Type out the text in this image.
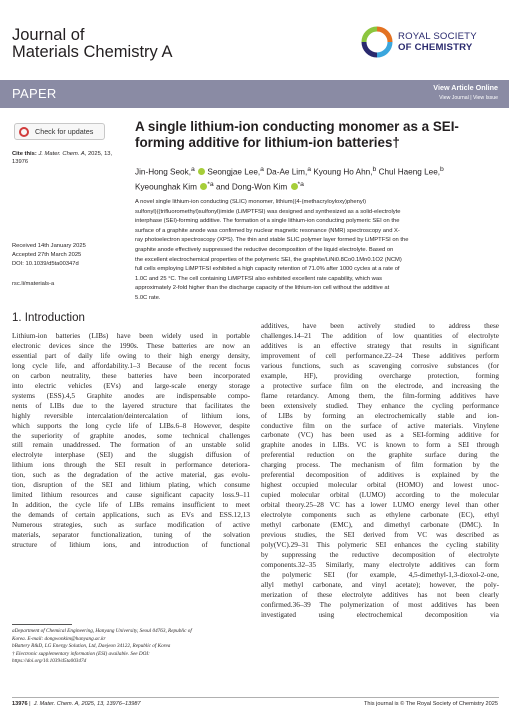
Journal of
Materials Chemistry A
ROYAL SOCIETY
OF CHEMISTRY
PAPER	View Article Online
View Journal | View Issue
Check for updates
Cite this: J. Mater. Chem. A, 2025, 13,
13976
A single lithium-ion conducting monomer as a SEI-forming additive for lithium-ion batteries†
Jin-Hong Seok,$^a$ Seongjae Lee,$^a$ Da-Ae Lim,$^a$ Kyoung Ho Ahn,$^b$ Chul Haeng Lee,$^b$
Kyeounghak Kim $^{*a}$ and Dong-Won Kim $^{*a}$
Received 14th January 2025
Accepted 27th March 2025
DOI: 10.1039/d5ta00347d
rsc.li/materials-a
A novel single lithium-ion conducting (SLIC) monomer, lithium((4-(methacryloyloxy)phenyl)
sulfonyl)((trifluoromethyl)sulfonyl)imide (LiMPTFSI) was designed and synthesized as a solid-electrolyte
interphase (SEI)-forming additive. The formation of a single lithium-ion conducting polymeric SEI on the
surface of a graphite anode was confirmed by nuclear magnetic resonance (NMR) spectroscopy and X-
ray photoelectron spectroscopy (XPS). The thin and stable SLIC polymer layer formed by LiMPTFSI on the
graphite anode effectively suppressed the reductive decomposition of the liquid electrolyte. Based on
the excellent electrochemical properties of the polymeric SEI, the graphite/LiNi0.8Co0.1Mn0.1O2 (NCM)
full cells employing LiMPTFSI exhibited a high capacity retention of 71.0% after 1000 cycles at a rate of
1.0C and 25 °C. The cell containing LiMPTFSI also exhibited excellent rate capability, which was
approximately 2-fold higher than the discharge capacity of the lithium-ion cell without the additive at
5.0C rate.
1. Introduction
Lithium-ion batteries (LIBs) have been widely used in portable
electronic devices since the 1990s. These batteries are now an
essential part of daily life owing to their high energy density,
long cycle life, and affordability.1–3 Because of the recent focus
on carbon neutrality, these batteries have been incorporated
into electric vehicles (EVs) and large-scale energy storage
systems (ESS).4,5 Graphite anodes are indispensable compo-
nents of LIBs due to the layered structure that facilitates the
highly reversible intercalation/deintercalation of lithium ions,
which supports the long cycle life of LIBs.6–8 However, despite
the superiority of graphite anodes, some technical challenges
still remain unaddressed. The formation of an unstable solid
electrolyte interphase (SEI) and the sluggish diffusion of
lithium ions through the SEI result in performance deteriora-
tion, such as the degradation of the active material, gas evolu-
tion, disruption of the SEI and lithium plating, which consume
limited lithium resources and cause significant capacity loss.9–11
In addition, the cycle life of LIBs remains insufficient to meet
the demands of certain applications, such as EVs and ESS.12,13
Numerous strategies, such as surface modification of active
materials, separator functionalization, tuning of the solvation
structure of lithium ions, and introduction of functional
additives, have been actively studied to address these
challenges.14–21 The addition of low quantities of electrolyte
additives is an effective strategy that results in significant
improvement of cell performance.22–24 These additives perform
various functions, such as scavenging corrosive substances (for
example, HF), providing overcharge protection, forming
a protective surface film on the electrode, and increasing the
flame retardancy. Among them, the film-forming additives have
been extensively studied. They enhance the cycling performance
of LIBs by forming an electrochemically stable and ion-
conductive film on the surface of active materials. Vinylene
carbonate (VC) has been used as a SEI-forming additive for
graphite anodes in LIBs. VC is known to form a SEI through
preferential reduction on the graphite surface during the
charging process. The mechanism of film formation by the
preferential decomposition of additives is explained by the
highest occupied molecular orbital (HOMO) and lowest unoc-
cupied molecular orbital (LUMO) according to the molecular
orbital theory.25–28 VC has a lower LUMO energy level than other
electrolyte components such as ethylene carbonate (EC), ethyl
methyl carbonate (EMC), and dimethyl carbonate (DMC). In
previous studies, the SEI derived from VC was described as
poly(VC).29–31 This polymeric SEI enhances the cycling stability
by suppressing the reductive decomposition of electrolyte
components.32–35 Similarly, many electrolyte additives can form
the polymeric SEI (for example, 4,5-dimethyl-1,3-dioxol-2-one,
allyl methyl carbonate, and vinyl acetate); however, the poly-
merization of these electrolyte additives has not been clearly
confirmed.36–39 The polymerization of most additives has been
investigated using electrochemical decomposition via
aDepartment of Chemical Engineering, Hanyang University, Seoul 04763, Republic of
Korea. E-mail: dongwonkim@hanyang.ac.kr
bBattery R&D, LG Energy Solution, Ltd, Daejeon 34122, Republic of Korea
† Electronic supplementary information (ESI) available. See DOI:
https://doi.org/10.1039/d5ta00347d
13976 |  J. Mater. Chem. A, 2025, 13, 13976–13987	This journal is © The Royal Society of Chemistry 2025
